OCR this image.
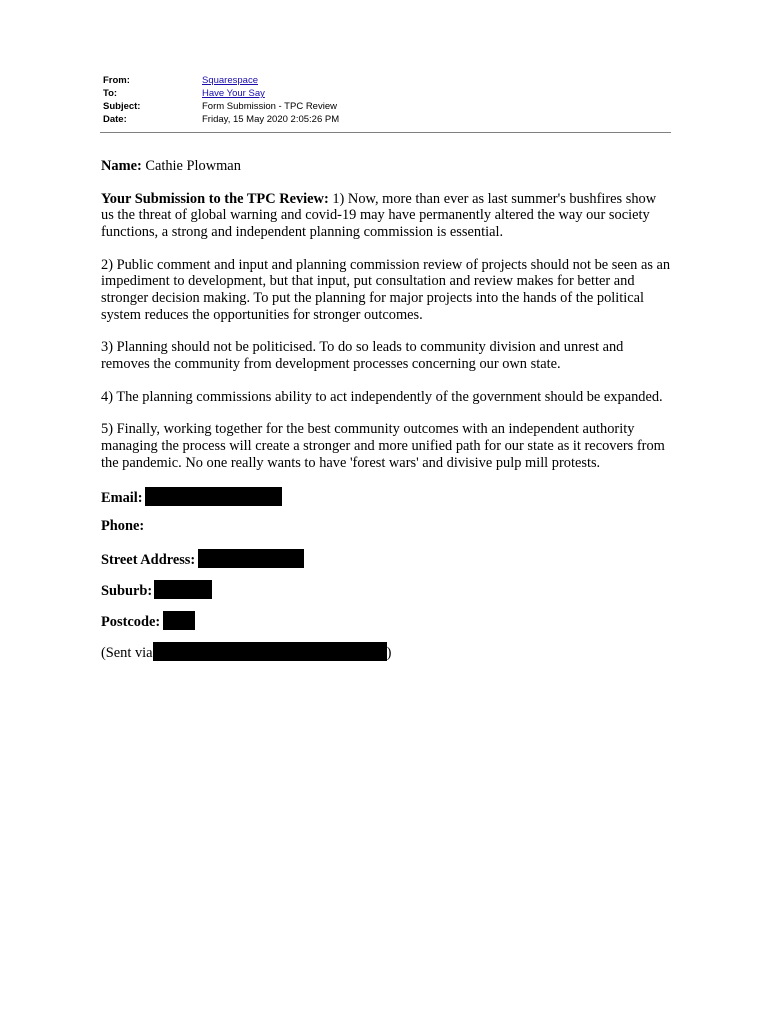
From:	Squarespace
To:	Have Your Say
Subject:	Form Submission - TPC Review
Date:	Friday, 15 May 2020 2:05:26 PM

Name: Cathie Plowman

Your Submission to the TPC Review: 1) Now, more than ever as last summer's bushfires show us the threat of global warning and covid-19 may have permanently altered the way our society functions, a strong and independent planning commission is essential.

2) Public comment and input and planning commission review of projects should not be seen as an impediment to development, but that input, put consultation and review makes for better and stronger decision making. To put the planning for major projects into the hands of the political system reduces the opportunities for stronger outcomes.

3) Planning should not be politicised. To do so leads to community division and unrest and removes the community from development processes concerning our own state.

4) The planning commissions ability to act independently of the government should be expanded.

5) Finally, working together for the best community outcomes with an independent authority managing the process will create a stronger and more unified path for our state as it recovers from the pandemic. No one really wants to have 'forest wars' and divisive pulp mill protests.

Email:
Phone:
Street Address:
Suburb:
Postcode:
(Sent via	)
